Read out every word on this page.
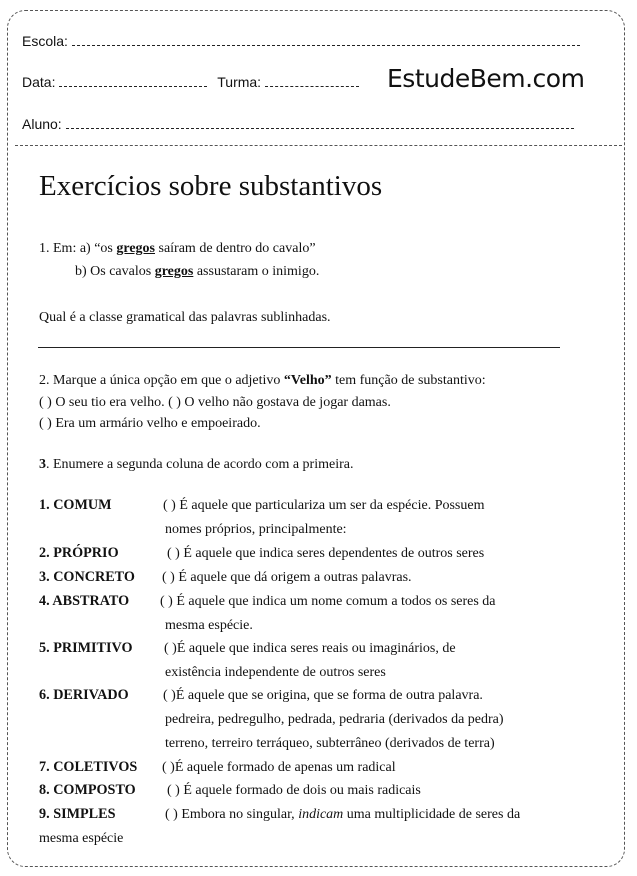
Escola:
Data:	Turma:	EstudeBem.com
Aluno:
Exercícios sobre substantivos
1. Em: a) “os gregos saíram de dentro do cavalo”
b) Os cavalos gregos assustaram o inimigo.
Qual é a classe gramatical das palavras sublinhadas.
2. Marque a única opção em que o adjetivo “Velho” tem função de substantivo:
( ) O seu tio era velho. ( ) O velho não gostava de jogar damas.
( ) Era um armário velho e empoeirado.
3. Enumere a segunda coluna de acordo com a primeira.
1. COMUM
2. PRÓPRIO
3. CONCRETO
4. ABSTRATO
5. PRIMITIVO
6. DERIVADO
7. COLETIVOS
8. COMPOSTO
9. SIMPLES
( ) É aquele que particulariza um ser da espécie. Possuem
nomes próprios, principalmente:
( ) É aquele que indica seres dependentes de outros seres
( ) É aquele que dá origem a outras palavras.
( ) É aquele que indica um nome comum a todos os seres da
mesma espécie.
( )É aquele que indica seres reais ou imaginários, de
existência independente de outros seres
( )É aquele que se origina, que se forma de outra palavra.
pedreira, pedregulho, pedrada, pedraria (derivados da pedra)
terreno, terreiro terráqueo, subterrâneo (derivados de terra)
( )É aquele formado de apenas um radical
( ) É aquele formado de dois ou mais radicais
( ) Embora no singular, indicam uma multiplicidade de seres da
mesma espécie
